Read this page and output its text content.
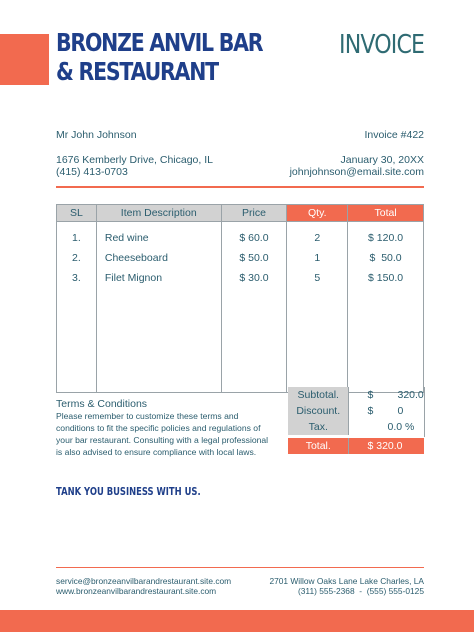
BRONZE ANVIL BAR
& RESTAURANT
INVOICE
Mr John Johnson
1676 Kemberly Drive, Chicago, IL
(415) 413-0703
Invoice #422
January 30, 20XX
johnjohnson@email.site.com
SL	Item Description	Price	Qty.	Total
1.	Red wine	$ 60.0	2	$ 120.0
2.	Cheeseboard	$ 50.0	1	$  50.0
3.	Filet Mignon	$ 30.0	5	$ 150.0

Terms & Conditions
Please remember to customize these terms and conditions to fit the specific policies and regulations of your bar restaurant. Consulting with a legal professional is also advised to ensure compliance with local laws.
Subtotal.	$ 320.0
Discount.	$ 0
Tax.	0.0 %
Total.	$ 320.0
TANK YOU BUSINESS WITH US.
service@bronzeanvilbarandrestaurant.site.com
www.bronzeanvilbarandrestaurant.site.com
2701 Willow Oaks Lane Lake Charles, LA
(311) 555-2368  -  (555) 555-0125
